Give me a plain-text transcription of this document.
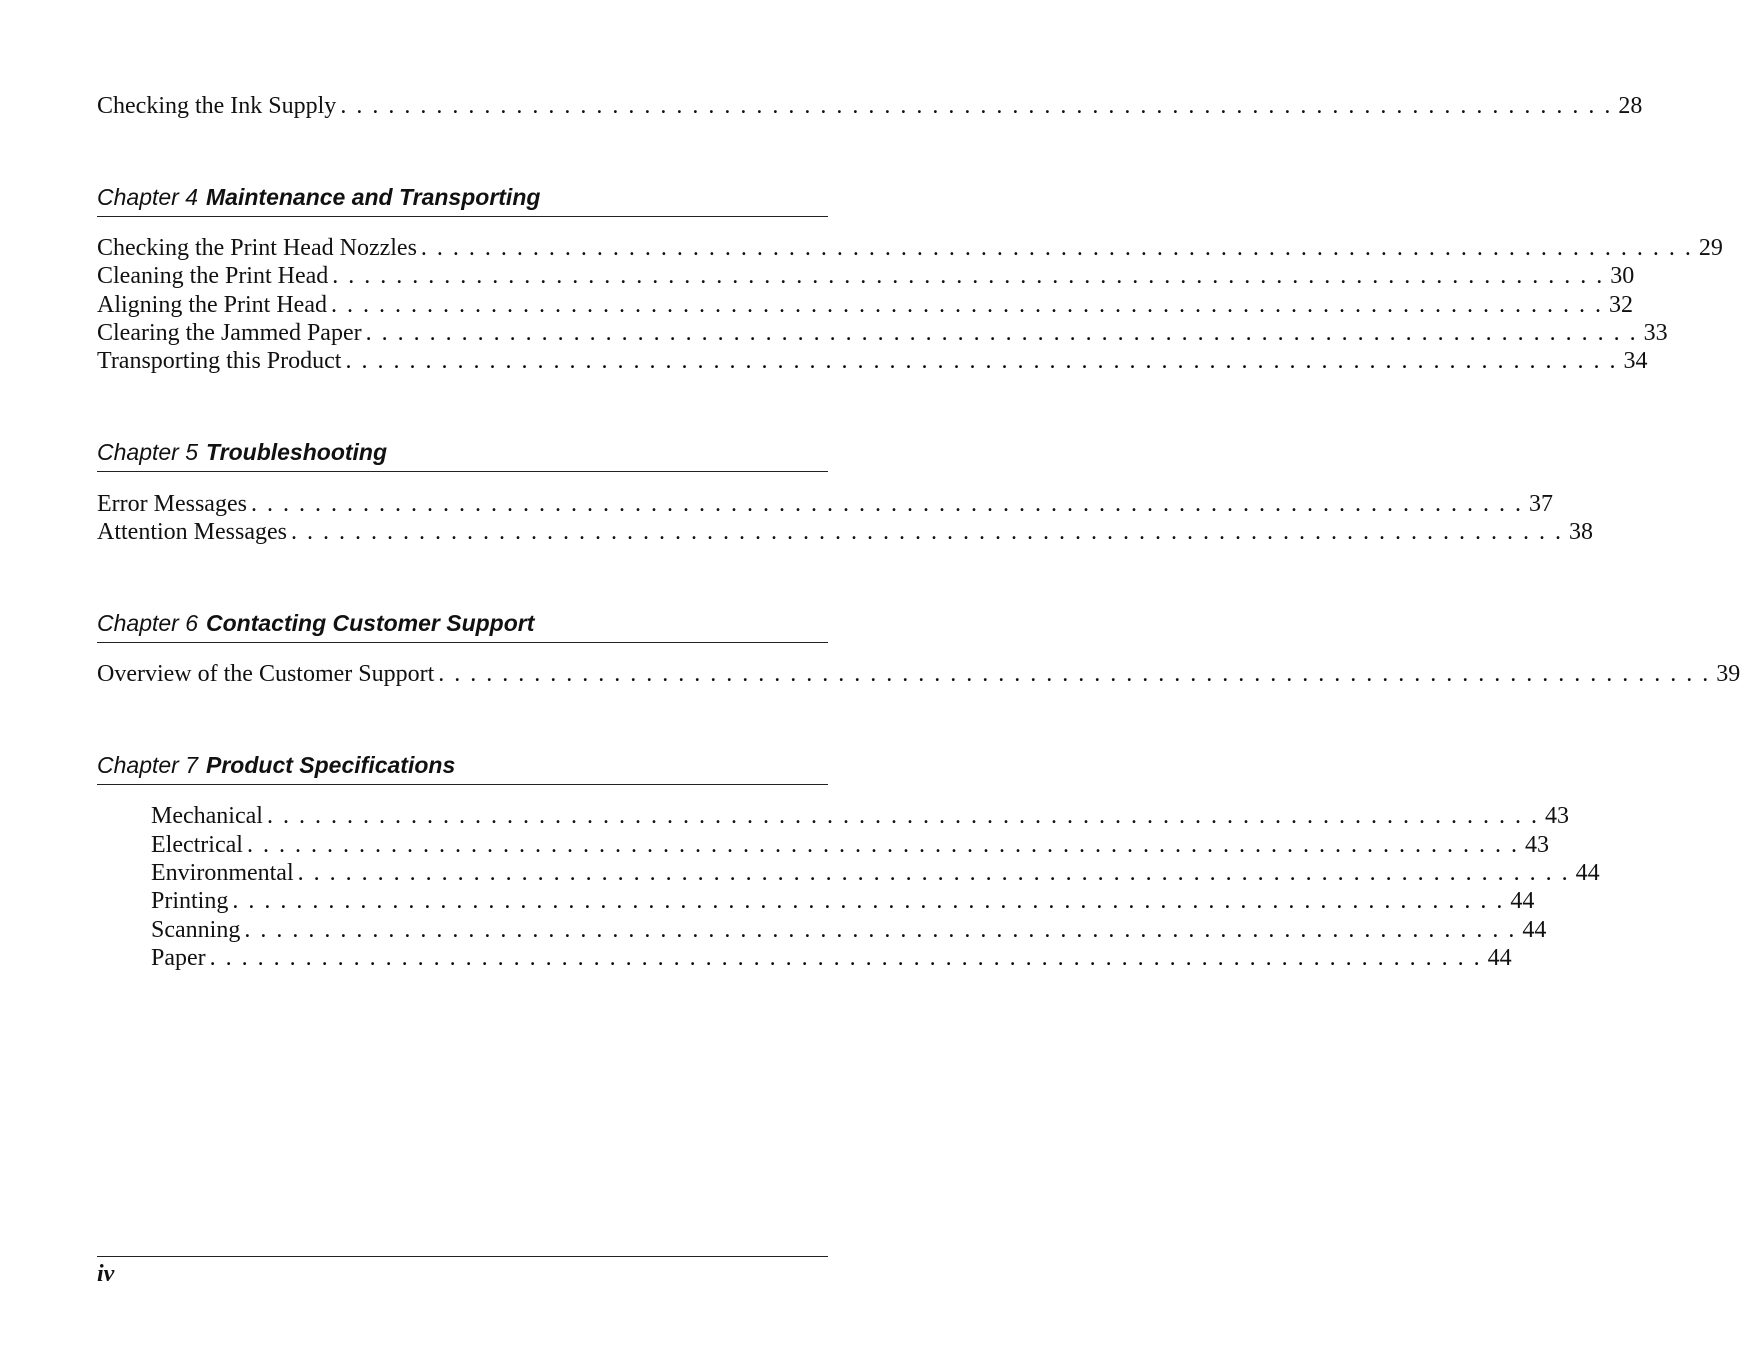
Checking the Ink Supply . . . . . . . . . . . . . . . . . . . . . . . . . . . . . . . . . . . . . . . . . . . . . . . . . . . . . . . . . . . . . . . . . . . . . . . . . . . . . . . . 28
Chapter 4 Maintenance and Transporting
Checking the Print Head Nozzles . . . . . . . . . . . . . . . . . . . . . . . . . . . . . . . . . . . . . . . . . . . . . . . . . . . . . . . . . . . . . . . . . . . . . . . . . . . . . . . . 29
Cleaning the Print Head . . . . . . . . . . . . . . . . . . . . . . . . . . . . . . . . . . . . . . . . . . . . . . . . . . . . . . . . . . . . . . . . . . . . . . . . . . . . . . . . 30
Aligning the Print Head . . . . . . . . . . . . . . . . . . . . . . . . . . . . . . . . . . . . . . . . . . . . . . . . . . . . . . . . . . . . . . . . . . . . . . . . . . . . . . . . 32
Clearing the Jammed Paper . . . . . . . . . . . . . . . . . . . . . . . . . . . . . . . . . . . . . . . . . . . . . . . . . . . . . . . . . . . . . . . . . . . . . . . . . . . . . . . . 33
Transporting this Product . . . . . . . . . . . . . . . . . . . . . . . . . . . . . . . . . . . . . . . . . . . . . . . . . . . . . . . . . . . . . . . . . . . . . . . . . . . . . . . . 34
Chapter 5 Troubleshooting
Error Messages . . . . . . . . . . . . . . . . . . . . . . . . . . . . . . . . . . . . . . . . . . . . . . . . . . . . . . . . . . . . . . . . . . . . . . . . . . . . . . . . 37
Attention Messages . . . . . . . . . . . . . . . . . . . . . . . . . . . . . . . . . . . . . . . . . . . . . . . . . . . . . . . . . . . . . . . . . . . . . . . . . . . . . . . . 38
Chapter 6 Contacting Customer Support
Overview of the Customer Support . . . . . . . . . . . . . . . . . . . . . . . . . . . . . . . . . . . . . . . . . . . . . . . . . . . . . . . . . . . . . . . . . . . . . . . . . . . . . . . . 39
Chapter 7 Product Specifications
Mechanical . . . . . . . . . . . . . . . . . . . . . . . . . . . . . . . . . . . . . . . . . . . . . . . . . . . . . . . . . . . . . . . . . . . . . . . . . . . . . . . . 43
Electrical . . . . . . . . . . . . . . . . . . . . . . . . . . . . . . . . . . . . . . . . . . . . . . . . . . . . . . . . . . . . . . . . . . . . . . . . . . . . . . . . 43
Environmental . . . . . . . . . . . . . . . . . . . . . . . . . . . . . . . . . . . . . . . . . . . . . . . . . . . . . . . . . . . . . . . . . . . . . . . . . . . . . . . . 44
Printing . . . . . . . . . . . . . . . . . . . . . . . . . . . . . . . . . . . . . . . . . . . . . . . . . . . . . . . . . . . . . . . . . . . . . . . . . . . . . . . . 44
Scanning . . . . . . . . . . . . . . . . . . . . . . . . . . . . . . . . . . . . . . . . . . . . . . . . . . . . . . . . . . . . . . . . . . . . . . . . . . . . . . . . 44
Paper . . . . . . . . . . . . . . . . . . . . . . . . . . . . . . . . . . . . . . . . . . . . . . . . . . . . . . . . . . . . . . . . . . . . . . . . . . . . . . . . 44
iv
